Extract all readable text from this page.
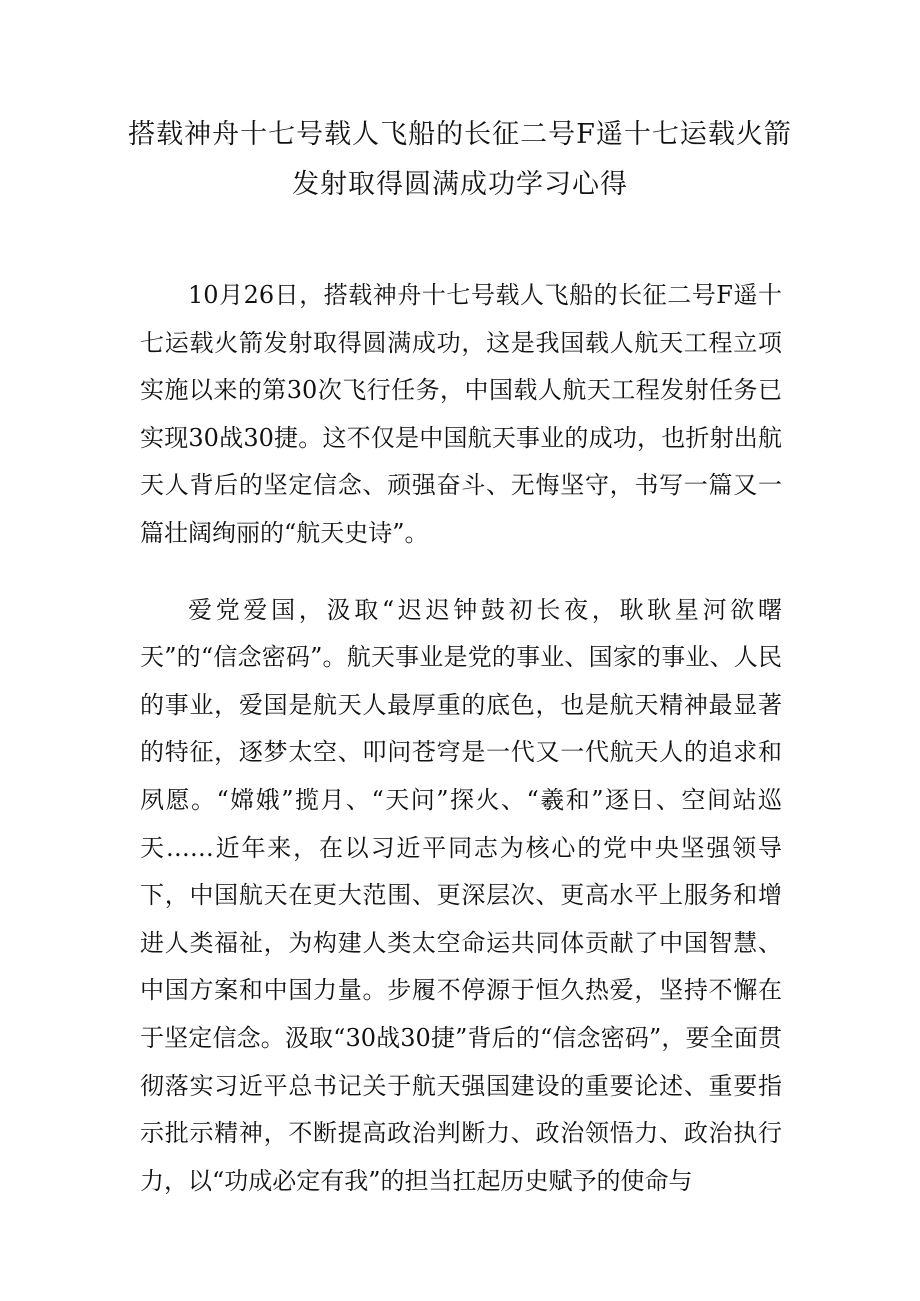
搭载神舟十七号载人飞船的长征二号F遥十七运载火箭发射取得圆满成功学习心得

10月26日，搭载神舟十七号载人飞船的长征二号F遥十七运载火箭发射取得圆满成功，这是我国载人航天工程立项实施以来的第30次飞行任务，中国载人航天工程发射任务已实现30战30捷。这不仅是中国航天事业的成功，也折射出航天人背后的坚定信念、顽强奋斗、无悔坚守，书写一篇又一篇壮阔绚丽的“航天史诗”。

爱党爱国，汲取“迟迟钟鼓初长夜，耿耿星河欲曙天”的“信念密码”。航天事业是党的事业、国家的事业、人民的事业，爱国是航天人最厚重的底色，也是航天精神最显著的特征，逐梦太空、叩问苍穹是一代又一代航天人的追求和夙愿。“嫦娥”揽月、“天问”探火、“羲和”逐日、空间站巡天……近年来，在以习近平同志为核心的党中央坚强领导下，中国航天在更大范围、更深层次、更高水平上服务和增进人类福祉，为构建人类太空命运共同体贡献了中国智慧、中国方案和中国力量。步履不停源于恒久热爱，坚持不懈在于坚定信念。汲取“30战30捷”背后的“信念密码”，要全面贯彻落实习近平总书记关于航天强国建设的重要论述、重要指示批示精神，不断提高政治判断力、政治领悟力、政治执行力，以“功成必定有我”的担当扛起历史赋予的使命与
